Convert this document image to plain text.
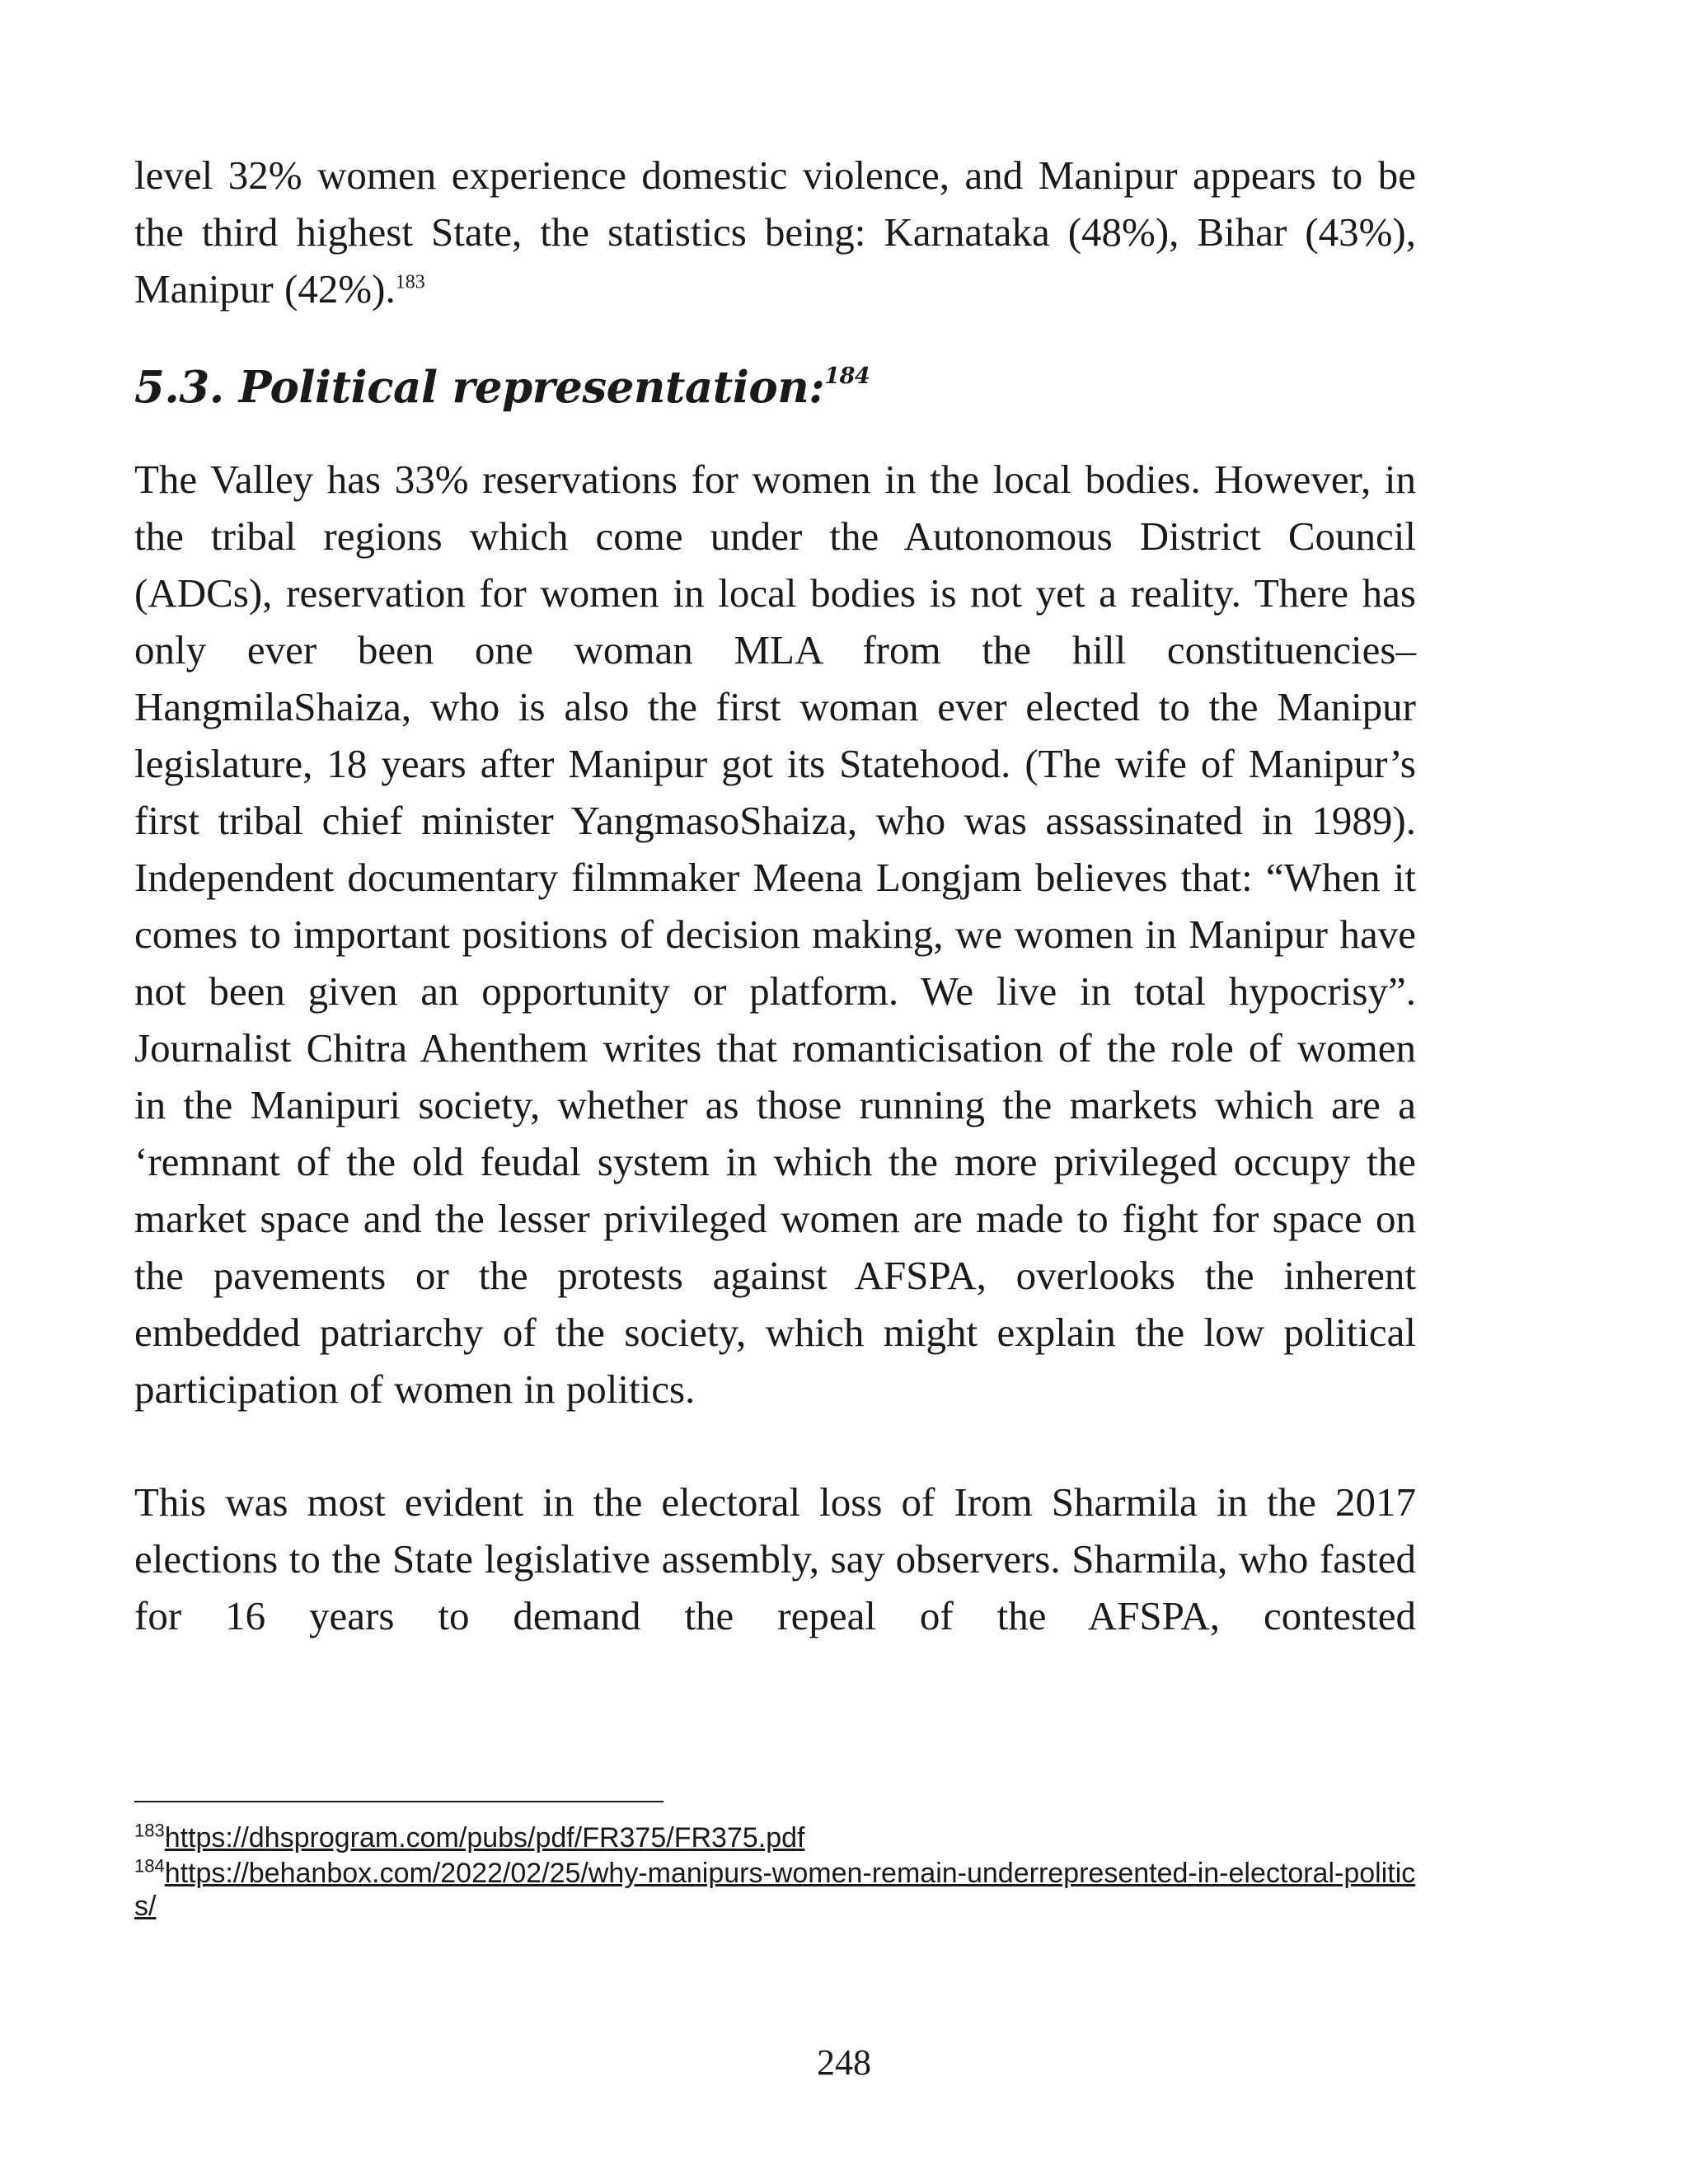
level 32% women experience domestic violence, and Manipur appears to be the third highest State, the statistics being: Karnataka (48%), Bihar (43%), Manipur (42%).$^{183}$

5.3. Political representation:$^{184}$

The Valley has 33% reservations for women in the local bodies. However, in the tribal regions which come under the Autonomous District Council (ADCs), reservation for women in local bodies is not yet a reality. There has only ever been one woman MLA from the hill constituencies– HangmilaShaiza, who is also the first woman ever elected to the Manipur legislature, 18 years after Manipur got its Statehood. (The wife of Manipur’s first tribal chief minister YangmasoShaiza, who was assassinated in 1989). Independent documentary filmmaker Meena Longjam believes that: “When it comes to important positions of decision making, we women in Manipur have not been given an opportunity or platform. We live in total hypocrisy”. Journalist Chitra Ahenthem writes that romanticisation of the role of women in the Manipuri society, whether as those running the markets which are a ‘remnant of the old feudal system in which the more privileged occupy the market space and the lesser privileged women are made to fight for space on the pavements or the protests against AFSPA, overlooks the inherent embedded patriarchy of the society, which might explain the low political participation of women in politics.

This was most evident in the electoral loss of Irom Sharmila in the 2017 elections to the State legislative assembly, say observers. Sharmila, who fasted for 16 years to demand the repeal of the AFSPA, contested

$^{183}$https://dhsprogram.com/pubs/pdf/FR375/FR375.pdf

$^{184}$https://behanbox.com/2022/02/25/why-manipurs-women-remain-underrepresented-in-electoral-politics/

248
